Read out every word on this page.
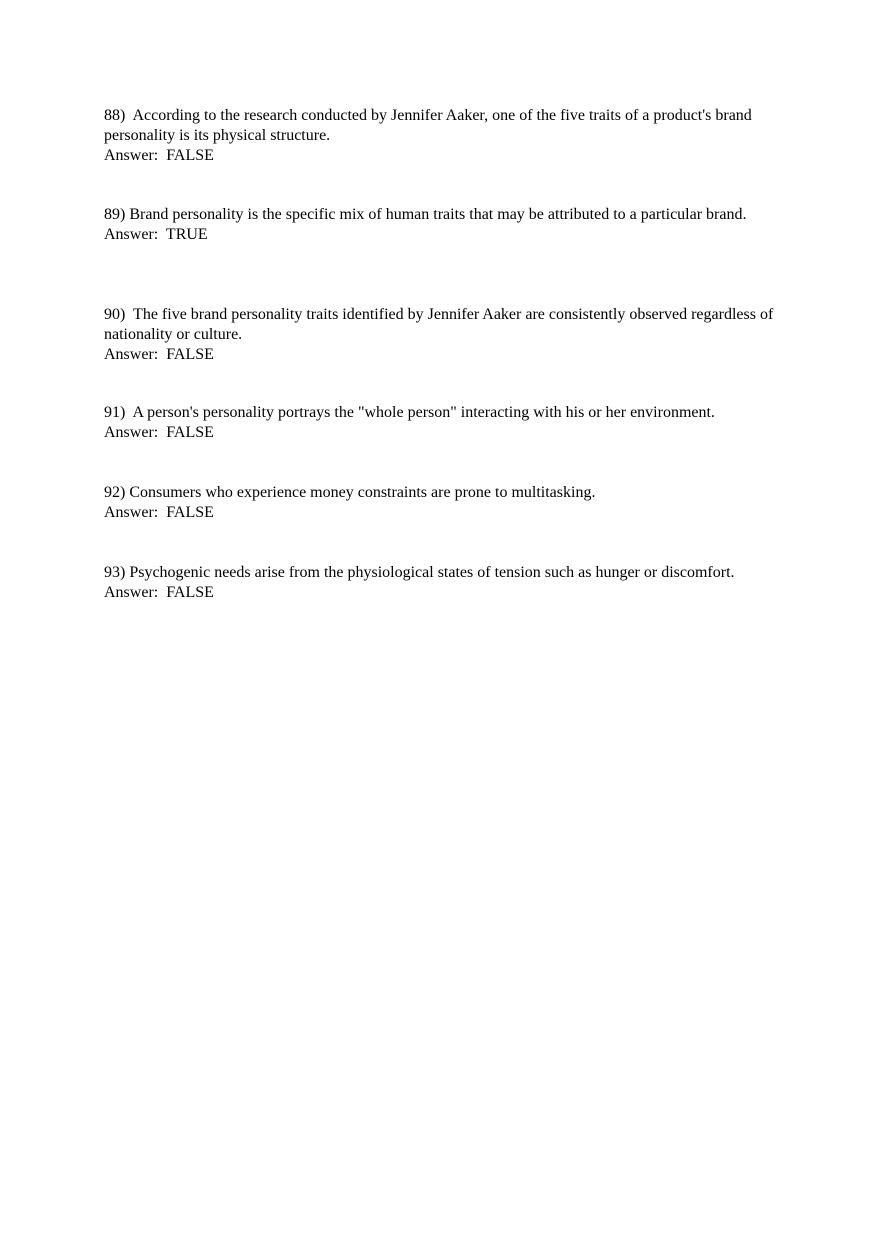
88)  According to the research conducted by Jennifer Aaker, one of the five traits of a product's brand personality is its physical structure.
Answer:  FALSE
89) Brand personality is the specific mix of human traits that may be attributed to a particular brand.
Answer:  TRUE
90)  The five brand personality traits identified by Jennifer Aaker are consistently observed regardless of nationality or culture.
Answer:  FALSE
91)  A person's personality portrays the "whole person" interacting with his or her environment.
Answer:  FALSE
92) Consumers who experience money constraints are prone to multitasking.
Answer:  FALSE
93) Psychogenic needs arise from the physiological states of tension such as hunger or discomfort.
Answer:  FALSE
